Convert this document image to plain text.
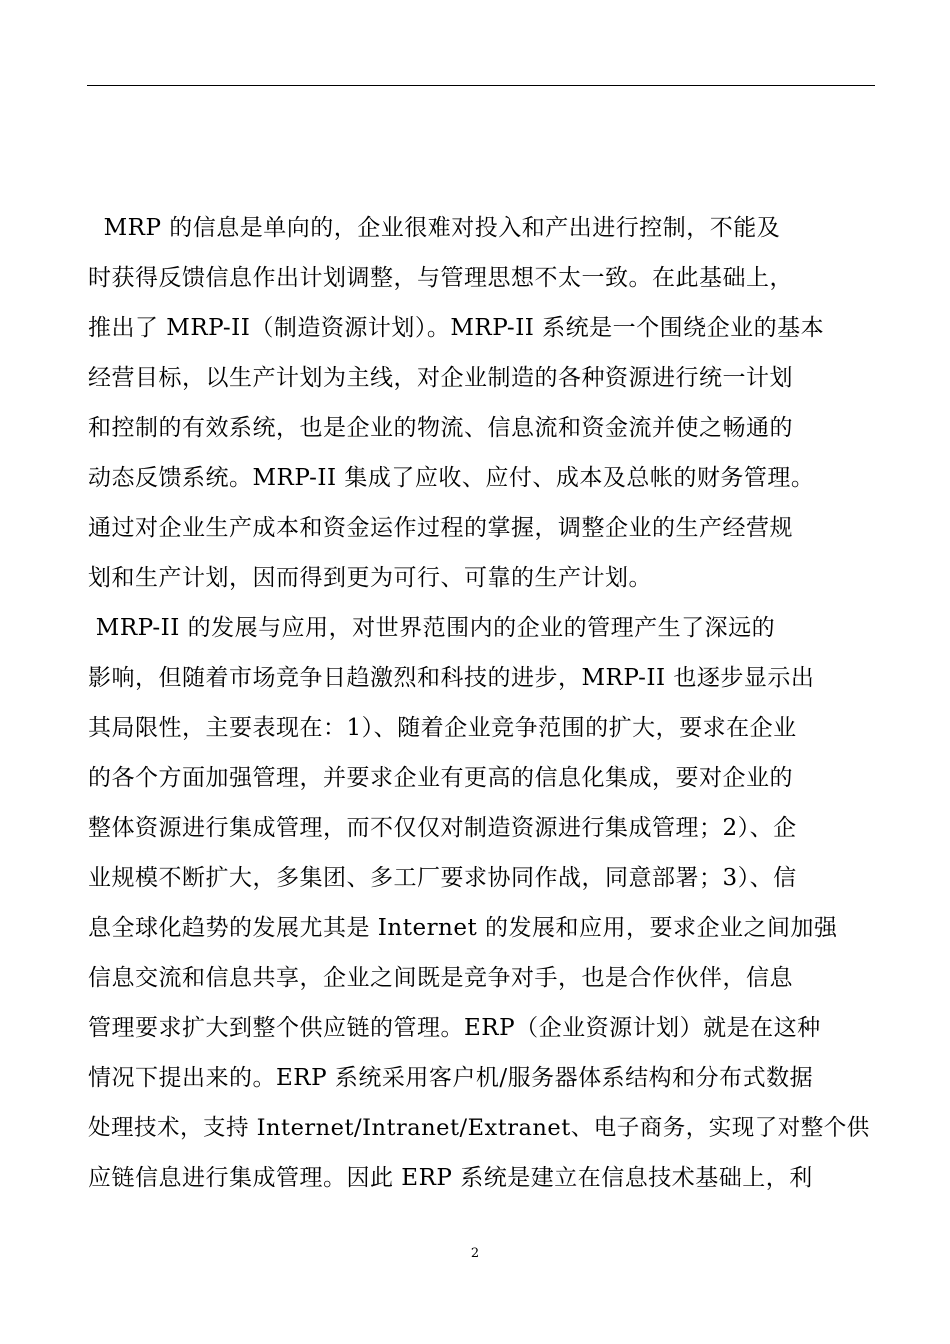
MRP 的信息是单向的，企业很难对投入和产出进行控制，不能及
时获得反馈信息作出计划调整，与管理思想不太一致。在此基础上，
推出了 MRP-II（制造资源计划）。MRP-II 系统是一个围绕企业的基本
经营目标，以生产计划为主线，对企业制造的各种资源进行统一计划
和控制的有效系统，也是企业的物流、信息流和资金流并使之畅通的
动态反馈系统。MRP-II 集成了应收、应付、成本及总帐的财务管理。
通过对企业生产成本和资金运作过程的掌握，调整企业的生产经营规
划和生产计划，因而得到更为可行、可靠的生产计划。
MRP-II 的发展与应用，对世界范围内的企业的管理产生了深远的
影响，但随着市场竞争日趋激烈和科技的进步，MRP-II 也逐步显示出
其局限性，主要表现在：1）、随着企业竞争范围的扩大，要求在企业
的各个方面加强管理，并要求企业有更高的信息化集成，要对企业的
整体资源进行集成管理，而不仅仅对制造资源进行集成管理；2）、企
业规模不断扩大，多集团、多工厂要求协同作战，同意部署；3）、信
息全球化趋势的发展尤其是 Internet 的发展和应用，要求企业之间加强
信息交流和信息共享，企业之间既是竞争对手，也是合作伙伴，信息
管理要求扩大到整个供应链的管理。ERP（企业资源计划）就是在这种
情况下提出来的。ERP 系统采用客户机/服务器体系结构和分布式数据
处理技术，支持 Internet/Intranet/Extranet、电子商务，实现了对整个供
应链信息进行集成管理。因此 ERP 系统是建立在信息技术基础上，利
2
